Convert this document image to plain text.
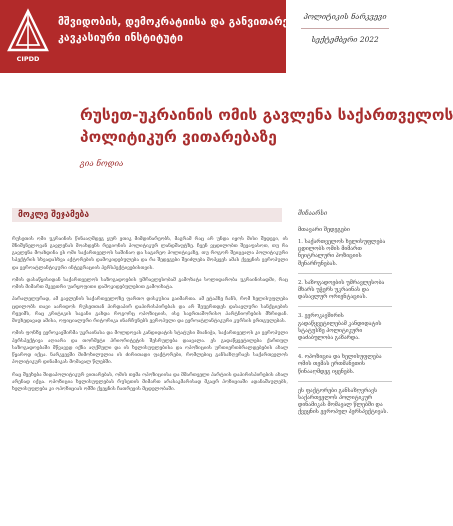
CIPDD
მშვიდობის, დემოკრატიისა და განვითარების
კავკასიური ინსტიტუტი
პოლიტიკის ნარკვევი
სექტემბერი 2022
რუსეთ-უკრაინის ომის გავლენა საქართველოს
პოლიტიკურ ვითარებაზე
გია ნოდია
მოკლე შეჯამება

რუსეთის ომი უკრაინის წინააღმდეგ ყურ ეთიკ მიმდინარეობს, მაგრამ რაც არ უნდა იყოს მისი შედეგი, ის მნიშვნელოვან გავლენას მოახდენს რეგიონის პოლიტიკურ ლანდშაფტზე. ჩვენ ვცდილობთ შევაფასოთ, თუ რა გავლენა მოახდინა ეს ომი საქართველოს საშინაო და საგარეო პოლიტიკაზე, თუ როგორ შეიცვალა პოლიტიკური სპექტრის სხვადასხვა აქტორების დამოკიდებულება და რა შედეგები შეიძლება მოჰყვეს ამას ქვეყნის ევროპული და ევროატლანტიკური ინტეგრაციის პერსპექტივებისთვის.

ომის დასაწყისიდან საქართველოს საზოგადოების უმრავლესობამ გამოხატა სოლიდარობა უკრაინისადმი, რაც ომის მიმართ მკვეთრი უარყოფითი დამოკიდებულებით გამოიხატა.

პარალელურად, ამ გავლენის საქართველოზე ფართო დისკუსია გაიმართა. ამ ეტაპზე ჩანს, რომ ხელისუფლება ცდილობს თავი აარიდოს რუსეთთან პირდაპირ დაპირისპირებას და არ შეუერთდეს დასავლური სანქციების რეჟიმს, რაც კრიტიკის საგანი გახდა როგორც ოპოზიციის, ისე საერთაშორისო პარტნიორების მხრიდან. მიუხედავად ამისა, ოფიციალური რიტორიკა ინარჩუნებს ევროპული და ევროატლანტიკური კურსის ერთგულებას.

ომის ფონზე ევროკავშირმა უკრაინასა და მოლდოვას კანდიდატის სტატუსი მიანიჭა, საქართველოს კი ევროპული პერსპექტივა აღიარა და თორმეტი პრიორიტეტის შესრულება დაავალა. ეს გადაწყვეტილება ქართულ საზოგადოებაში მწვავედ იქნა აღქმული და ის ხელისუფლებისა და ოპოზიციის ურთიერთბრალდებების ახალ წყაროდ იქცა. ნარკვევში მიმოხილულია ის ძირითადი ფაქტორები, რომლებიც განსაზღვრავს საქართველოს პოლიტიკურ დინამიკას მომავალ წლებში.

რაც შეეხება შიდაპოლიტიკურ ვითარებას, ომის თემა ოპოზიციისა და მმართველი პარტიის დაპირისპირების ახალ არენად იქცა. ოპოზიცია ხელისუფლებას რუსეთის მიმართ არასაკმარისად მკაცრ პოზიციაში ადანაშაულებს, ხელისუფლება კი ოპოზიციას ომში ქვეყნის ჩათრევის მცდელობაში.

შინაარსი
მთავარი შედეგები
1. საქართველოს ხელისუფლება ცდილობს ომის მიმართ ნეიტრალური პოზიციის შენარჩუნებას.
2. საზოგადოების უმრავლესობა მხარს უჭერს უკრაინას და დასავლურ ორიენტაციას.
3. ევროკავშირის გადაწყვეტილებამ კანდიდატის სტატუსზე პოლიტიკური დაძაბულობა გაზარდა.
4. ოპოზიცია და ხელისუფლება ომის თემას ერთმანეთის წინააღმდეგ იყენებს.
ეს ფაქტორები განსაზღვრავს საქართველოს პოლიტიკურ დინამიკას მომავალ წლებში და ქვეყნის ევროპულ პერსპექტივას.
